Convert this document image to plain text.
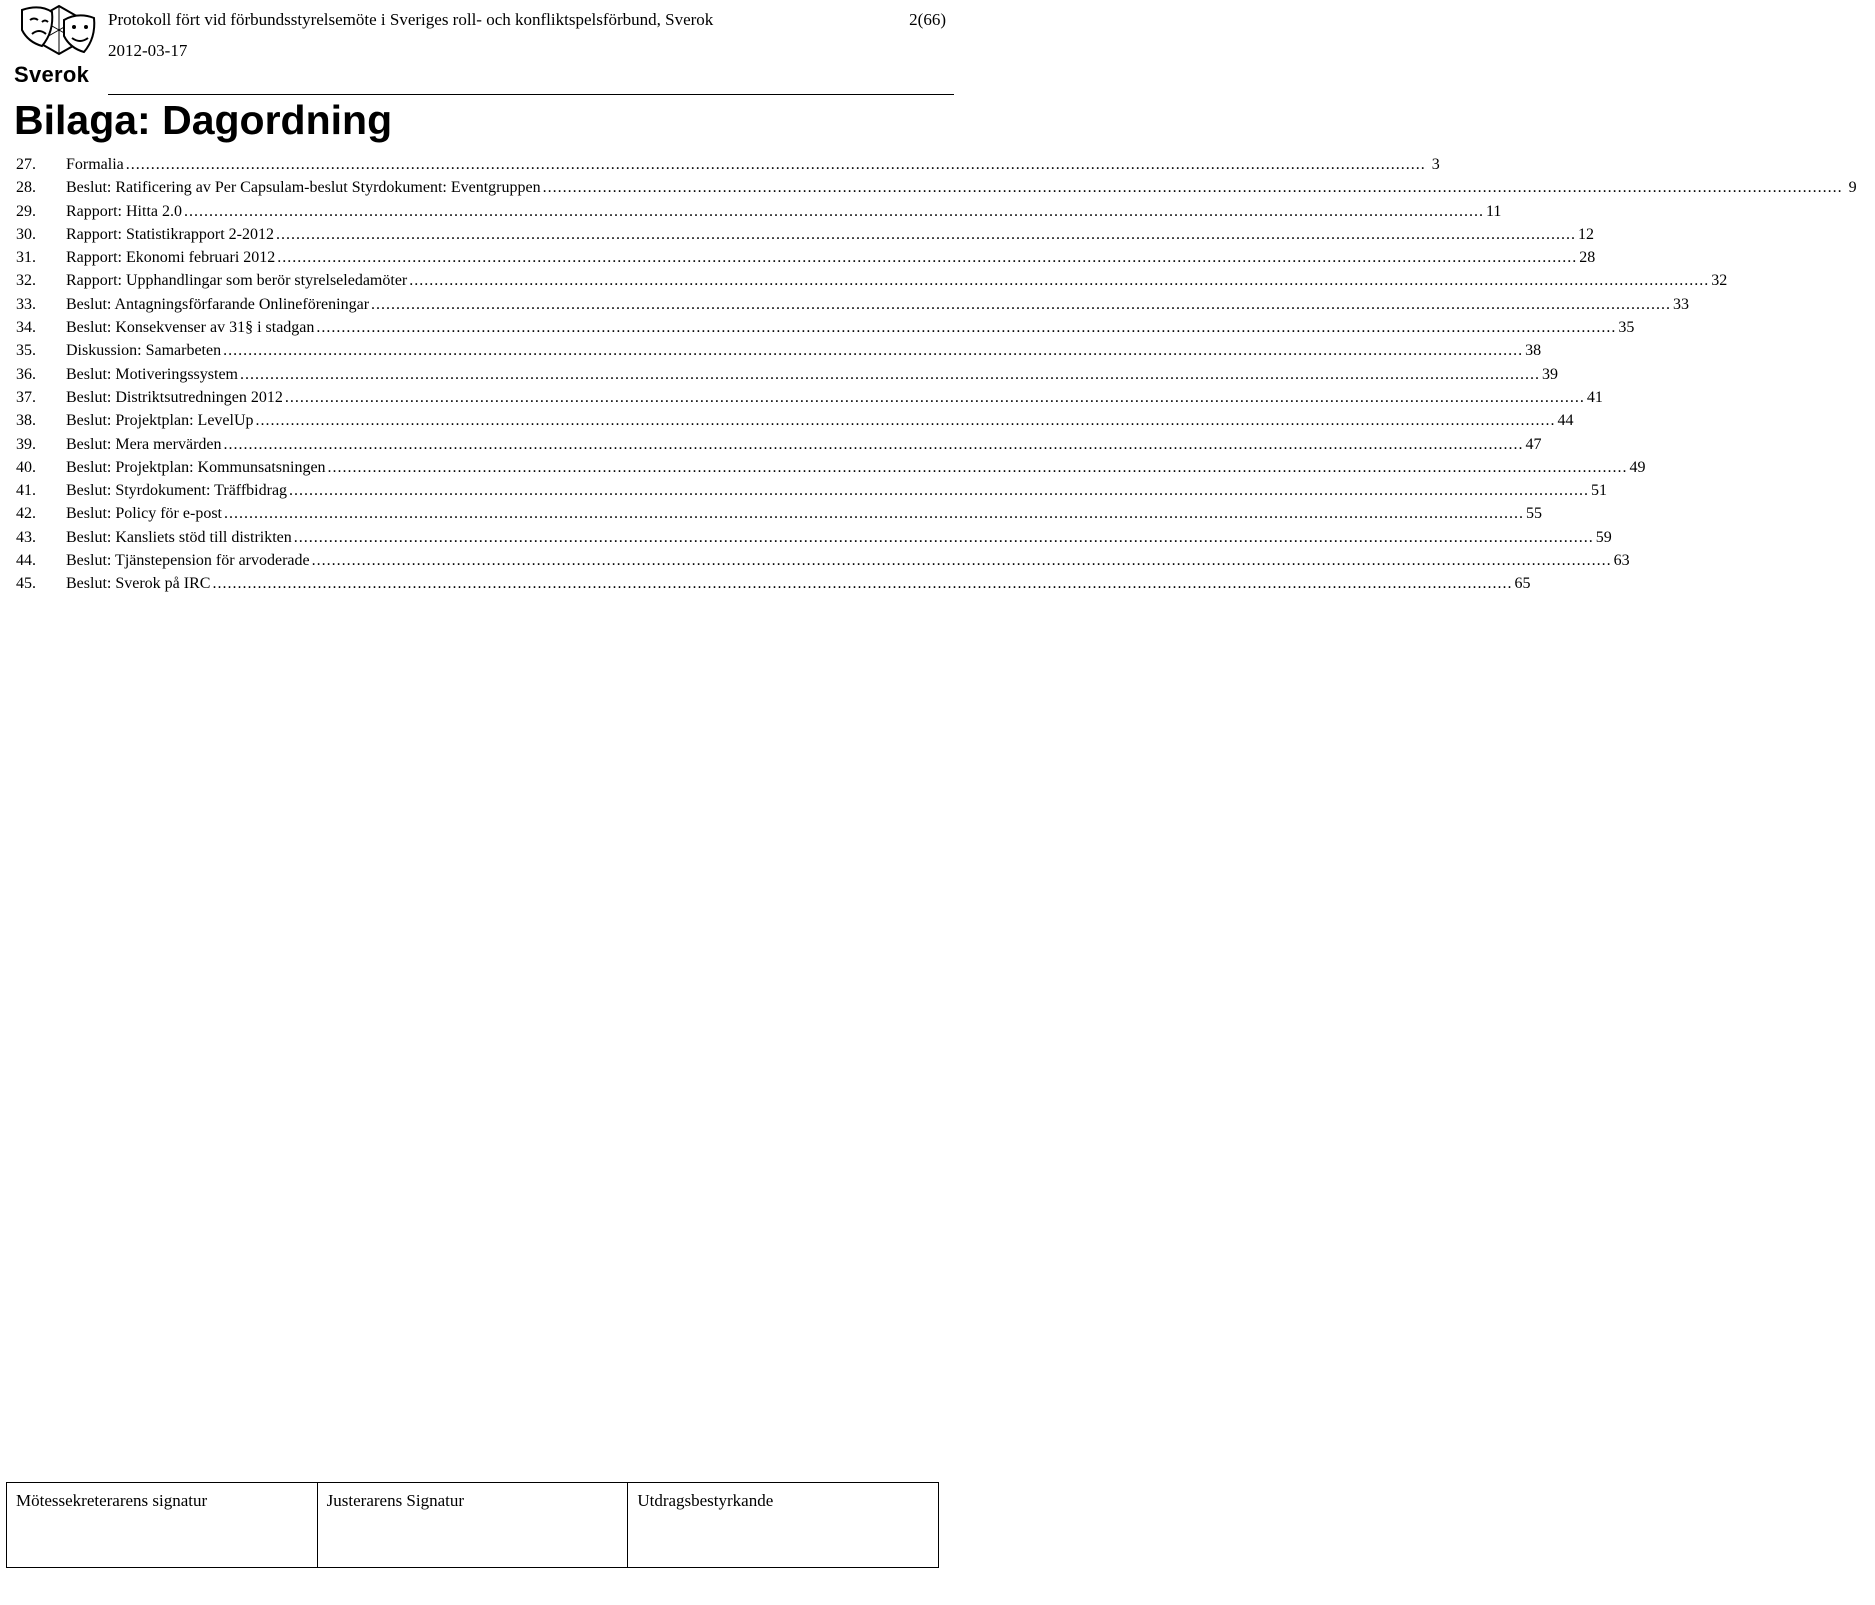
Sverok
Protokoll fört vid förbundsstyrelsemöte i Sveriges roll- och konfliktspelsförbund, Sverok	2(66)
2012-03-17
Bilaga: Dagordning
27.	Formalia .................................................................................................................................................................................................................................................................... 3
28.	Beslut: Ratificering av Per Capsulam-beslut Styrdokument: Eventgruppen .................................................................................................................................................................................................................................................................... 9
29.	Rapport: Hitta 2.0 .................................................................................................................................................................................................................................................................... 11
30.	Rapport: Statistikrapport 2-2012 .................................................................................................................................................................................................................................................................... 12
31.	Rapport: Ekonomi februari 2012 .................................................................................................................................................................................................................................................................... 28
32.	Rapport: Upphandlingar som berör styrelseledamöter .................................................................................................................................................................................................................................................................... 32
33.	Beslut: Antagningsförfarande Onlineföreningar .................................................................................................................................................................................................................................................................... 33
34.	Beslut: Konsekvenser av 31§ i stadgan .................................................................................................................................................................................................................................................................... 35
35.	Diskussion: Samarbeten .................................................................................................................................................................................................................................................................... 38
36.	Beslut: Motiveringssystem .................................................................................................................................................................................................................................................................... 39
37.	Beslut: Distriktsutredningen 2012 .................................................................................................................................................................................................................................................................... 41
38.	Beslut: Projektplan: LevelUp .................................................................................................................................................................................................................................................................... 44
39.	Beslut: Mera mervärden .................................................................................................................................................................................................................................................................... 47
40.	Beslut: Projektplan: Kommunsatsningen .................................................................................................................................................................................................................................................................... 49
41.	Beslut: Styrdokument: Träffbidrag .................................................................................................................................................................................................................................................................... 51
42.	Beslut: Policy för e-post .................................................................................................................................................................................................................................................................... 55
43.	Beslut: Kansliets stöd till distrikten .................................................................................................................................................................................................................................................................... 59
44.	Beslut: Tjänstepension för arvoderade .................................................................................................................................................................................................................................................................... 63
45.	Beslut: Sverok på IRC .................................................................................................................................................................................................................................................................... 65
Mötessekreterarens signatur	Justerarens Signatur	Utdragsbestyrkande
